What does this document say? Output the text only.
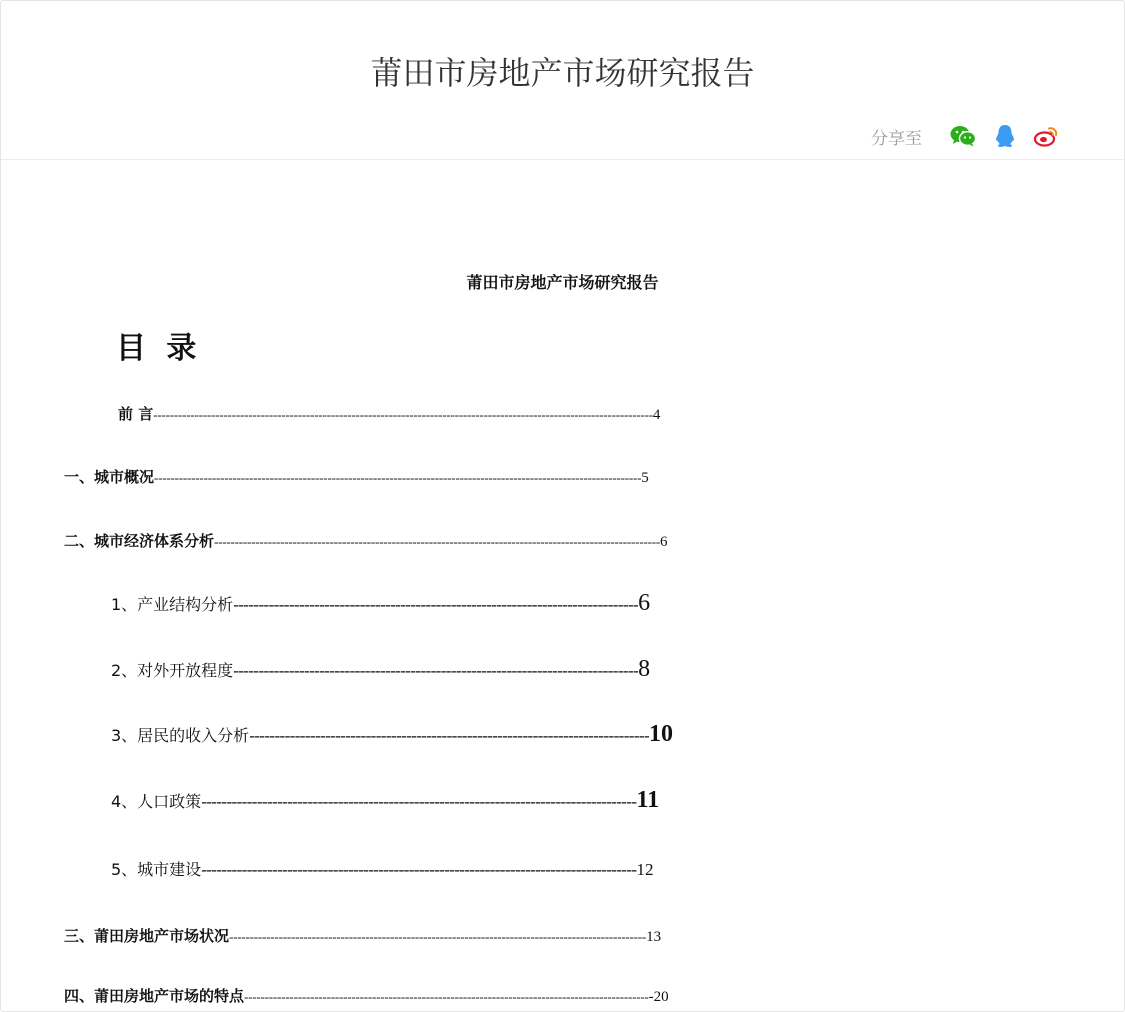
莆田市房地产市场研究报告
分享至
莆田市房地产市场研究报告
目 录
前 言-------------------------------------------------------------------------------------------------------------------------4
一、城市概况----------------------------------------------------------------------------------------------------------------------5
二、城市经济体系分析------------------------------------------------------------------------------------------------------------6
1、产业结构分析--------------------------------------------------------------------------------6
2、对外开放程度--------------------------------------------------------------------------------8
3、居民的收入分析-------------------------------------------------------------------------------10
4、人口政策--------------------------------------------------------------------------------------11
5、城市建设--------------------------------------------------------------------------------------12
三、莆田房地产市场状况-----------------------------------------------------------------------------------------------------13
四、莆田房地产市场的特点---------------------------------------------------------------------------------------------------20
